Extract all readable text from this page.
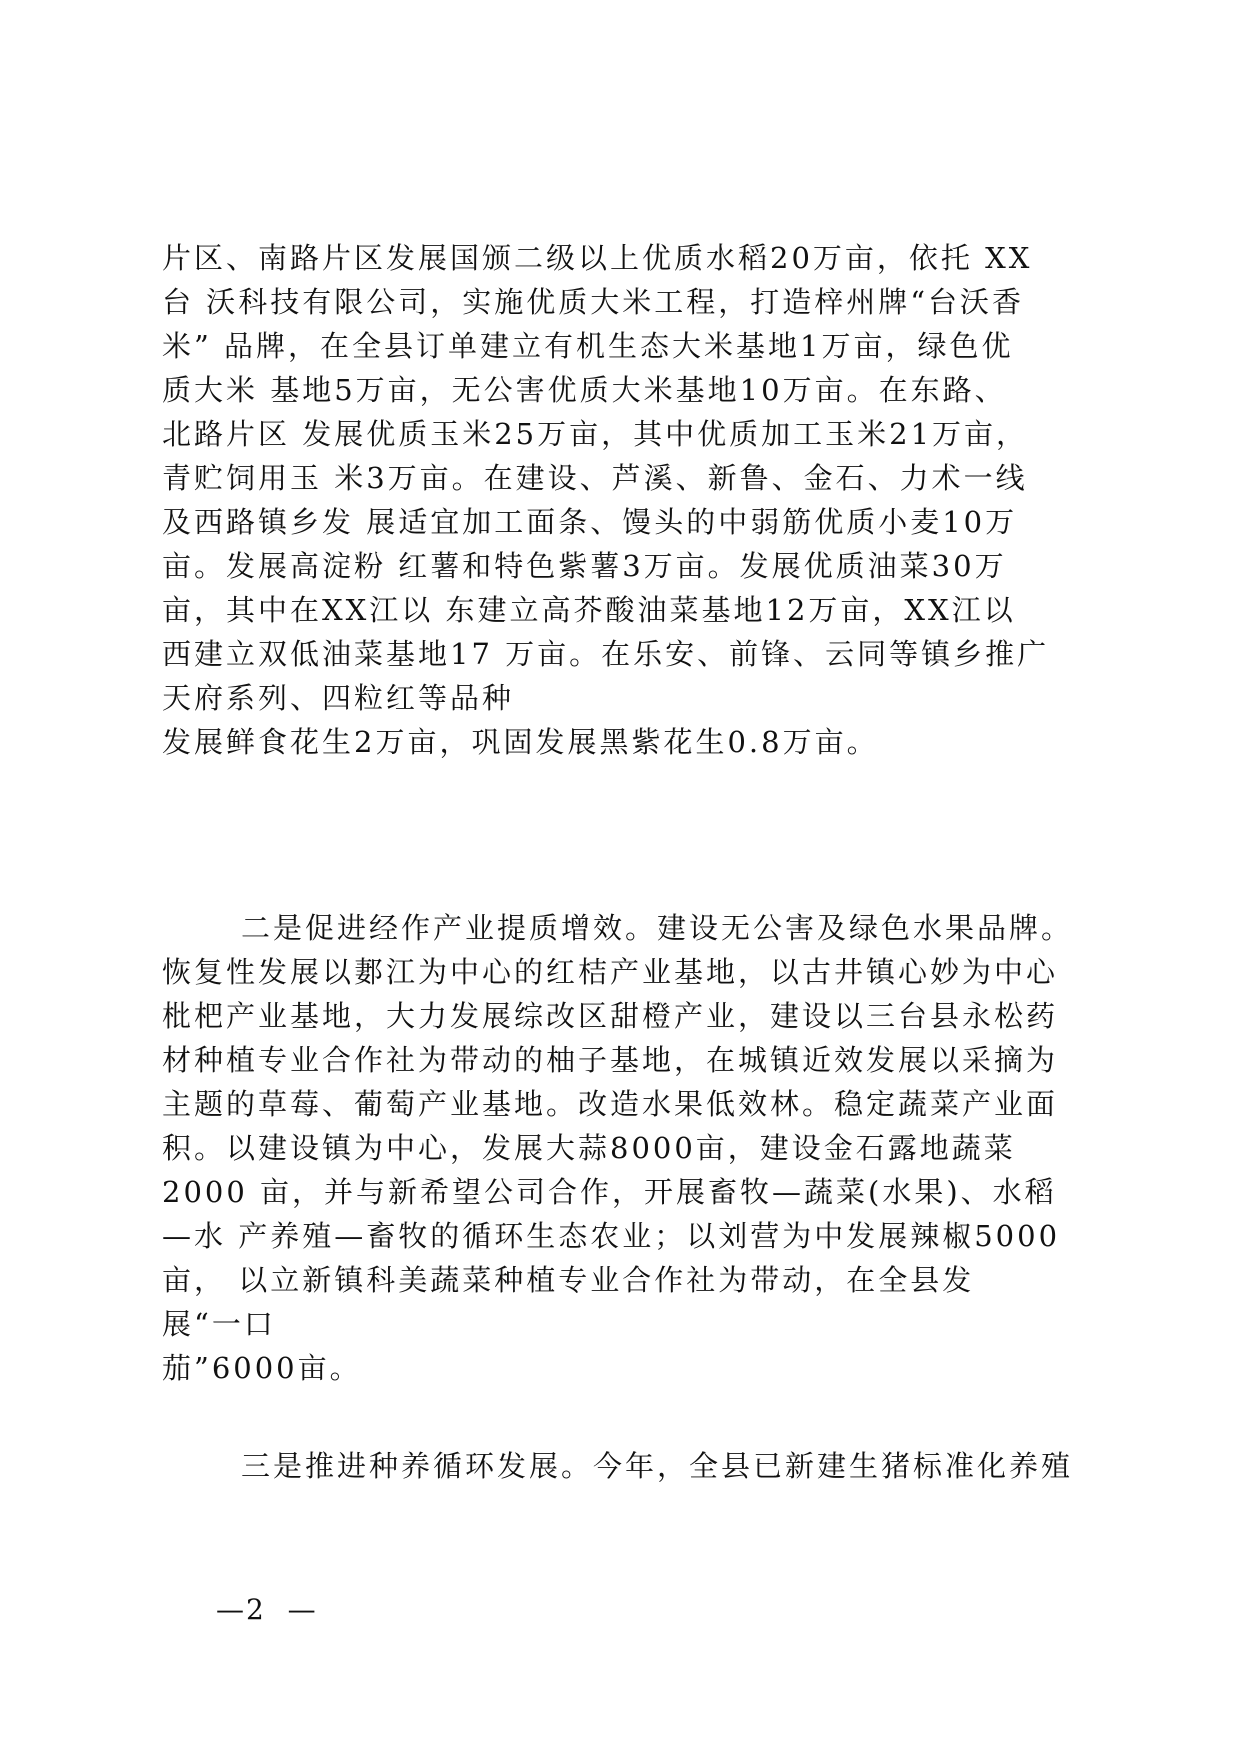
片区、南路片区发展国颁二级以上优质水稻20万亩，依托 XX
台 沃科技有限公司，实施优质大米工程，打造梓州牌“台沃香
米” 品牌，在全县订单建立有机生态大米基地1万亩，绿色优
质大米 基地5万亩，无公害优质大米基地10万亩。在东路、
北路片区 发展优质玉米25万亩，其中优质加工玉米21万亩，
青贮饲用玉 米3万亩。在建设、芦溪、新鲁、金石、力术一线
及西路镇乡发 展适宜加工面条、馒头的中弱筋优质小麦10万
亩。发展高淀粉 红薯和特色紫薯3万亩。发展优质油菜30万
亩，其中在XX江以 东建立高芥酸油菜基地12万亩，XX江以
西建立双低油菜基地17 万亩。在乐安、前锋、云同等镇乡推广
天府系列、四粒红等品种
发展鲜食花生2万亩，巩固发展黑紫花生0.8万亩。
二是促进经作产业提质增效。建设无公害及绿色水果品牌。
恢复性发展以郪江为中心的红桔产业基地，以古井镇心妙为中心
枇杷产业基地，大力发展综改区甜橙产业，建设以三台县永松药
材种植专业合作社为带动的柚子基地，在城镇近效发展以采摘为
主题的草莓、葡萄产业基地。改造水果低效林。稳定蔬菜产业面
积。以建设镇为中心，发展大蒜8000亩，建设金石露地蔬菜
2000 亩，并与新希望公司合作，开展畜牧—蔬菜(水果)、水稻
—水 产养殖—畜牧的循环生态农业；以刘营为中发展辣椒5000
亩， 以立新镇科美蔬菜种植专业合作社为带动，在全县发
展“一口
茄”6000亩。
三是推进种养循环发展。今年，全县已新建生猪标准化养殖
—2  —
